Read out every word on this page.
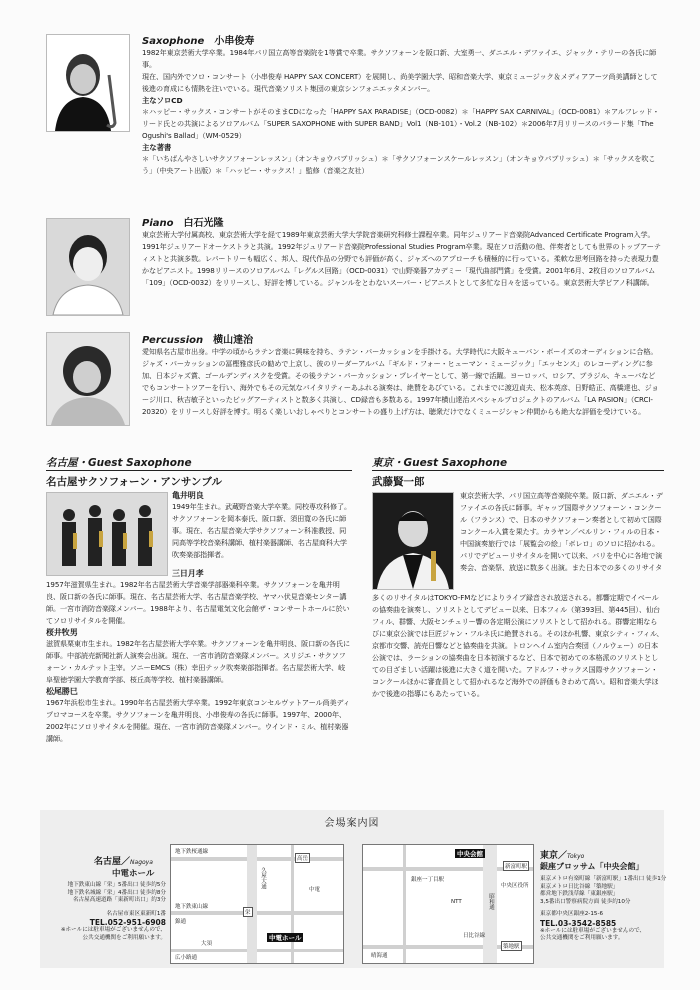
Saxophone 小串俊寿

1982年東京芸術大学卒業。1984年パリ国立高等音楽院を1等賞で卒業。サクソフォーンを阪口新、大室勇一、ダニエル・デファイエ、ジャック・テリーの各氏に師事。

現在、国内外でソロ・コンサート（小串俊寿 HAPPY SAX CONCERT）を展開し、尚美学園大学、昭和音楽大学、東京ミュージック＆メディアアーツ尚美講師として後進の育成にも情熱を注いでいる。現代音楽ソリスト集団の東京シンフォニエッタメンバー。

主なソロCD

＊ハッピー・サックス・コンサートがそのままCDになった「HAPPY SAX PARADISE」（OCD-0082）＊「HAPPY SAX CARNIVAL」（OCD-0081）＊アルフレッド・リード氏との共演によるソロアルバム「SUPER SAXOPHONE with SUPER BAND」Vol1（NB-101）・Vol.2（NB-102）＊2006年7月リリースのバラード集「The Ogushi's Ballad」（WM-0529）

主な著書

＊「いちばんやさしいサクソフォーンレッスン」（オンキョウパブリッシュ）＊「サクソフォーンスケールレッスン」（オンキョウパブリッシュ）＊「サックスを吹こう」（中央アート出版）＊「ハッピー・サックス！」監修（音楽之友社）

Piano 白石光隆

東京芸術大学付属高校、東京芸術大学を経て1989年東京芸術大学大学院音楽研究科修士課程卒業。同年ジュリアード音楽院Advanced Certificate Program入学。1991年ジュリアードオーケストラと共演。1992年ジュリアード音楽院Professional Studies Program卒業。現在ソロ活動の他、伴奏者としても世界のトップアーティストと共演多数。レパートリーも幅広く、邦人、現代作品の分野でも評価が高く、ジャズへのアプローチも積極的に行っている。柔軟な思考回路を持った表現力豊かなピアニスト。1998リリースのソロアルバム「レグルス回路」（OCD-0031）で山野楽器アカデミー「現代曲部門賞」を受賞。2001年6月、2枚目のソロアルバム「109」（OCD-0032）をリリースし、好評を博している。ジャンルをとわないスーパー・ピアニストとして多忙な日々を送っている。東京芸術大学ピアノ科講師。

Percussion 横山達治

愛知県名古屋市出身。中学の頃からラテン音楽に興味を持ち、ラテン・パーカッションを手掛ける。大学時代に大阪キューバン・ボーイズのオーディションに合格。ジャズ・パーカッションの冨樫雅彦氏の勧めで上京し、彼のリーダーアルバム「ギルド・フォー・ヒューマン・ミュージック」「エッセンス」のレコーディングに参加、日本ジャズ賞、ゴールデンディスクを受賞。その後ラテン・パーカッション・プレイヤーとして、第一線で活躍。ヨーロッパ、ロシア、ブラジル、キューバなどでもコンサートツアーを行い、海外でもその元気なバイタリティーあふれる演奏は、絶賛をあびている。これまでに渡辺貞夫、松本英彦、日野皓正、高橋達也、ジョージ川口、秋吉敏子といったビッグアーティストと数多く共演し、CD録音も多数ある。1997年横山達治スペシャルプロジェクトのアルバム「LA PASION」（CRCI-20320）をリリースし好評を博す。明るく楽しいおしゃべりとコンサートの盛り上げ方は、聴衆だけでなくミュージシャン仲間からも絶大な評価を受けている。

名古屋・Guest Saxophone
名古屋サクソフォーン・アンサンブル

亀井明良

1949年生まれ。武蔵野音楽大学卒業。同校専攻科修了。サクソフォーンを岡本泰氏、阪口新、須田寛の各氏に師事。現在、名古屋音楽大学サクソフォーン科准教授、同同高等学校音楽科講師、植村楽器講師、名古屋商科大学吹奏楽部指揮者。

三日月孝

1957年滋賀県生まれ。1982年名古屋芸術大学音楽学部器楽科卒業。サクソフォーンを亀井明良、阪口新の各氏に師事。現在、名古屋芸術大学、名古屋音楽学校、ヤマハ伏見音楽センター講師。一宮市消防音楽隊メンバー。1988年より、名古屋電気文化会館ザ・コンサートホールに於いてソロリサイタルを開催。

桜井牧男

滋賀県栗東市生まれ。1982年名古屋芸術大学卒業。サクソフォーンを亀井明良、阪口新の各氏に師事。中部読売新聞社新人演奏会出演。現在、一宮市消防音楽隊メンバー。スリジエ・サクソフォーン・カルテット主宰。ソニーEMCS（株）幸田テック吹奏楽部指揮者。名古屋芸術大学、岐阜聖徳学園大学教育学部、桜丘高等学校、植村楽器講師。

松尾勝巳

1967年浜松市生まれ。1990年名古屋芸術大学卒業。1992年東京コンセルヴァトアール尚美ディプロマコースを卒業。サクソフォーンを亀井明良、小串俊寿の各氏に師事。1997年、2000年、2002年にソロリサイタルを開催。現在、一宮市消防音楽隊メンバー。ウインド・ミル、植村楽器講師。

東京・Guest Saxophone
武藤賢一郎

東京芸術大学、パリ国立高等音楽院卒業。阪口新、ダニエル・デファイエの各氏に師事。ギャップ国際サクソフォーン・コンクール（フランス）で、日本のサクソフォーン奏者として初めて国際コンクール入賞を果たす。カラヤン／ベルリン・フィルの日本・中国演奏旅行では「展覧会の絵」「ボレロ」のソロに招かれる。パリでデビューリサイタルを開いて以来、パリを中心に各地で演奏会、音楽祭、放送に数多く出演。また日本での多くのリサイタ

多くのリサイタルはTOKYO-FMなどによりライブ録音され放送される。都響定期でイベールの協奏曲を演奏し、ソリストとしてデビュー以来、日本フィル（第393回、第445回）、仙台フィル、群響、大阪センチュリー響の各定期公演にソリストとして招かれる。群響定期ならびに東京公演では巨匠ジャン・フルネ氏に絶賛される。そのほか札響、東京シティ・フィル、京都市交響、読売日響などと協奏曲を共演。トロンヘイム室内合奏団（ノルウェー）の日本公演では、ラーションの協奏曲を日本初演するなど、日本で初めての本格派のソリストとしての目ざましい活躍は後進に大きく道を開いた。アドルフ・サックス国際サクソフォーン・コンクールほかに審査員として招かれるなど海外での評価もきわめて高い。昭和音楽大学ほかで後進の指導にもあたっている。

会場案内図
名古屋／Nagoya
中電ホール
地下鉄東山線「栄」5番出口 徒歩約5分
地下鉄名城線「栄」4番出口 徒歩約8分
名古屋高速道路「東新町出口」約3分
名古屋市東区東新町1番
TEL.052-951-6908
※ホールには駐車場がございませんので、
公共交通機関をご利用願います。
地下鉄桜通線
地下鉄東山線
錦通
広小路通
久屋大通
高岳
栄
中電ホール
大須
中電
中央会館
新富町駅
銀座一丁目駅
築地駅
昭和通
晴海通
NTT
日比谷線
中央区役所
東京／Tokyo
銀座ブロッサム「中央会館」
東京メトロ有楽町線「新富町駅」1番出口 徒歩1分
東京メトロ日比谷線「築地駅」
都営地下鉄浅草線「東銀座駅」
3,5番出口警察病院方面 徒歩約10分
東京都中央区銀座2-15-6
TEL.03-3542-8585
※ホールには駐車場がございませんので、
公共交通機関をご利用願います。
